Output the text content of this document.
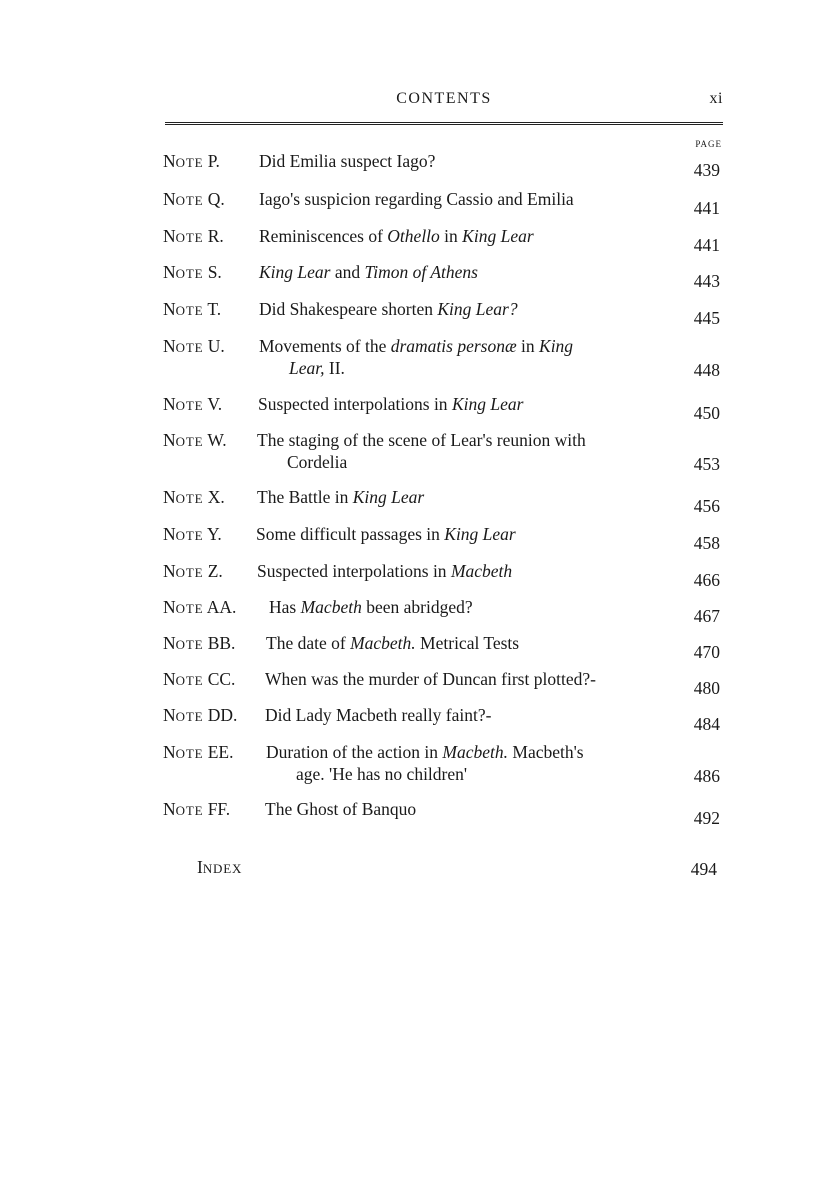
CONTENTS	xi
PAGE
NOTE P. Did Emilia suspect Iago?	439
NOTE Q. Iago's suspicion regarding Cassio and Emilia	441
NOTE R. Reminiscences of Othello in King Lear	441
NOTE S. King Lear and Timon of Athens	443
NOTE T. Did Shakespeare shorten King Lear?	445
NOTE U. Movements of the dramatis personæ in King
Lear, II.	448
NOTE V. Suspected interpolations in King Lear	450
NOTE W. The staging of the scene of Lear's reunion with
Cordelia	453
NOTE X. The Battle in King Lear	456
NOTE Y. Some difficult passages in King Lear	458
NOTE Z. Suspected interpolations in Macbeth	466
NOTE AA. Has Macbeth been abridged?	467
NOTE BB. The date of Macbeth. Metrical Tests	470
NOTE CC. When was the murder of Duncan first plotted?-	480
NOTE DD. Did Lady Macbeth really faint?-	484
NOTE EE. Duration of the action in Macbeth. Macbeth's
age. 'He has no children'	486
NOTE FF. The Ghost of Banquo	492
INDEX	494
